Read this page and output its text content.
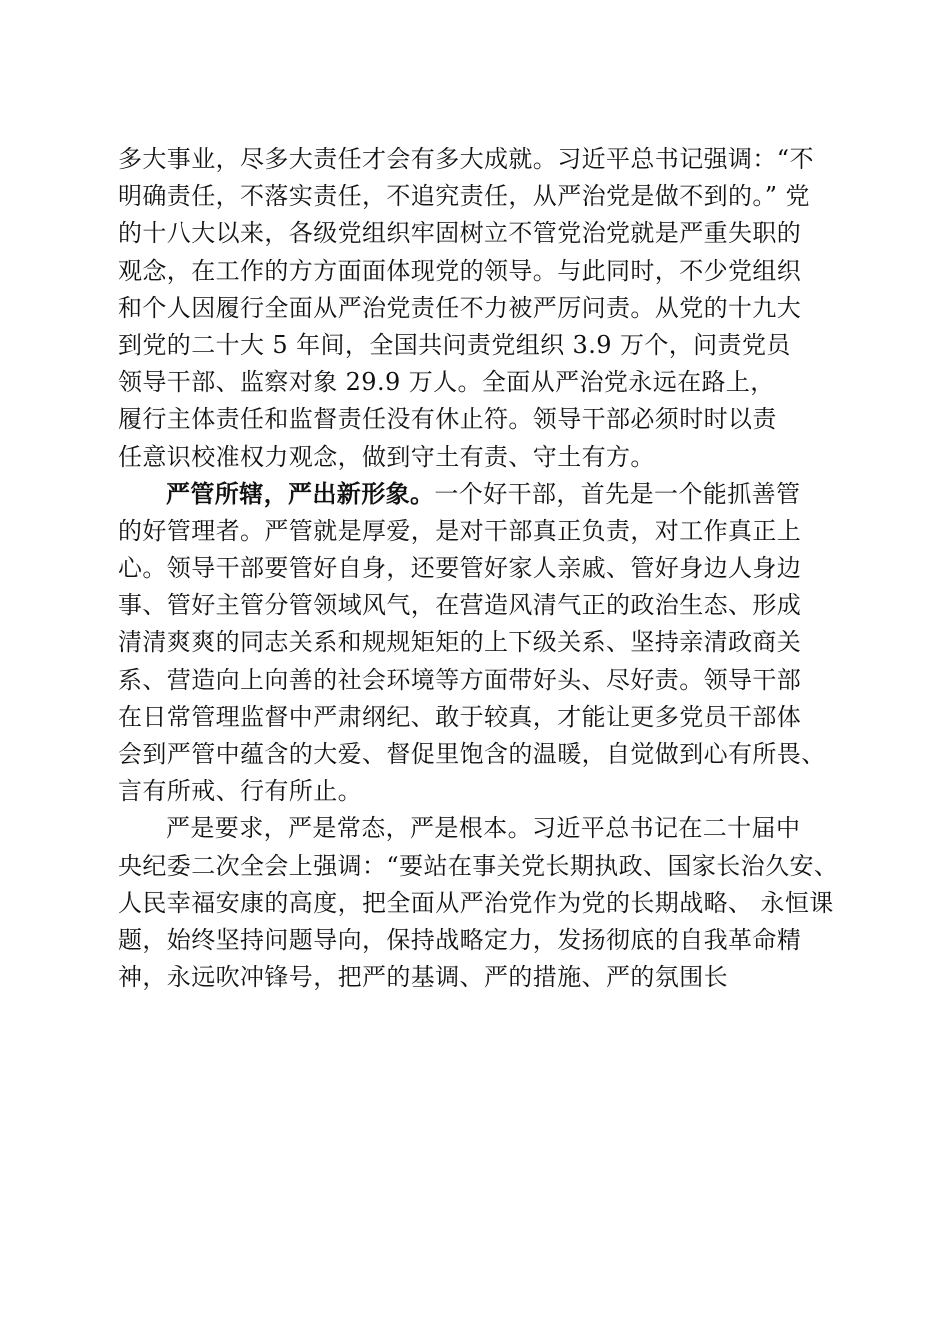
多大事业，尽多大责任才会有多大成就。习近平总书记强调：“不
明确责任，不落实责任，不追究责任，从严治党是做不到的。” 党
的十八大以来，各级党组织牢固树立不管党治党就是严重失职的
观念，在工作的方方面面体现党的领导。与此同时，不少党组织
和个人因履行全面从严治党责任不力被严厉问责。从党的十九大
到党的二十大 5 年间，全国共问责党组织 3.9 万个，问责党员
领导干部、监察对象 29.9 万人。全面从严治党永远在路上，
履行主体责任和监督责任没有休止符。领导干部必须时时以责
任意识校准权力观念，做到守土有责、守土有方。
严管所辖，严出新形象。一个好干部，首先是一个能抓善管
的好管理者。严管就是厚爱，是对干部真正负责，对工作真正上
心。领导干部要管好自身，还要管好家人亲戚、管好身边人身边
事、管好主管分管领域风气，在营造风清气正的政治生态、形成
清清爽爽的同志关系和规规矩矩的上下级关系、坚持亲清政商关
系、营造向上向善的社会环境等方面带好头、尽好责。领导干部
在日常管理监督中严肃纲纪、敢于较真，才能让更多党员干部体
会到严管中蕴含的大爱、督促里饱含的温暖，自觉做到心有所畏、
言有所戒、行有所止。
严是要求，严是常态，严是根本。习近平总书记在二十届中
央纪委二次全会上强调：“要站在事关党长期执政、国家长治久安、
人民幸福安康的高度，把全面从严治党作为党的长期战略、 永恒课
题，始终坚持问题导向，保持战略定力，发扬彻底的自我革命精
神，永远吹冲锋号，把严的基调、严的措施、严的氛围长
